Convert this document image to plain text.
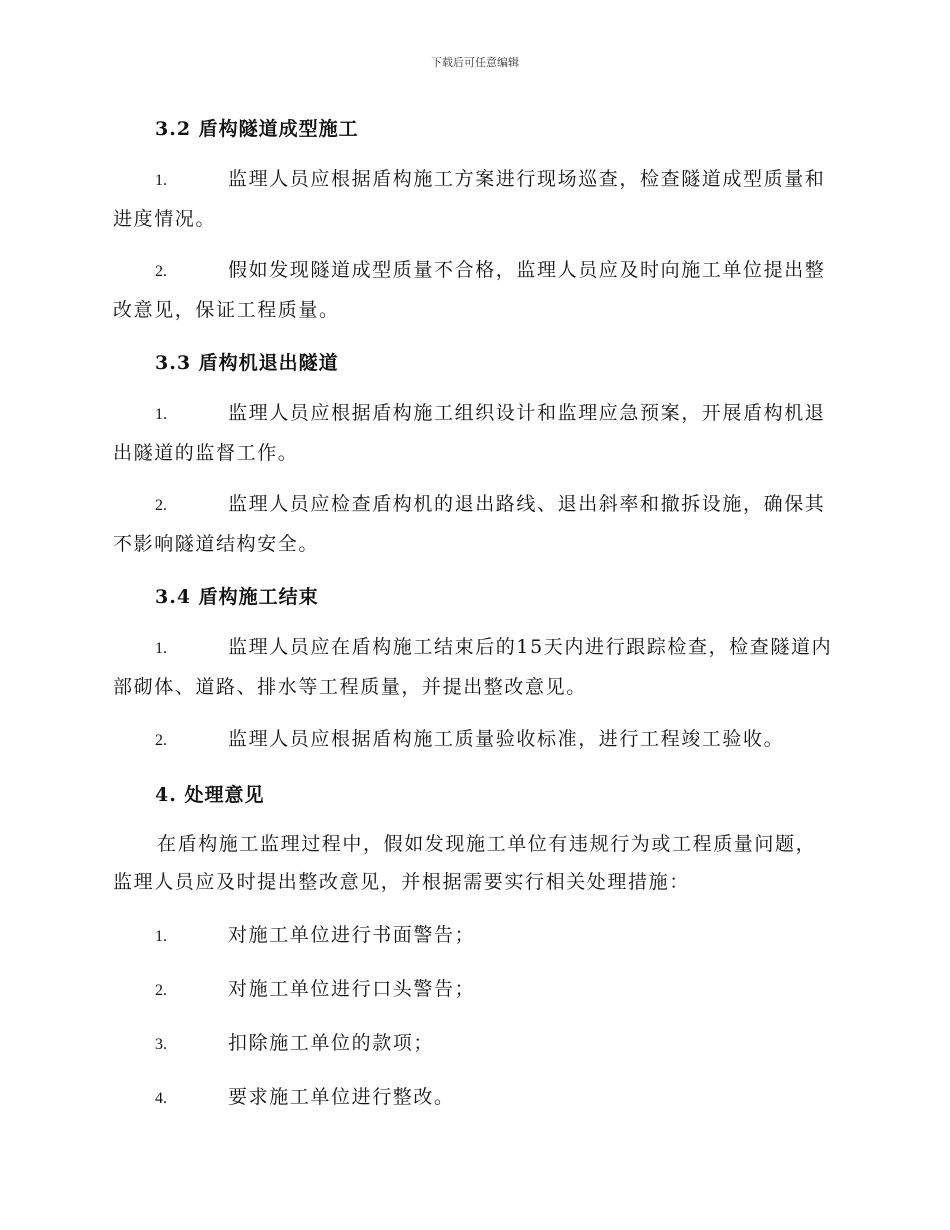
下载后可任意编辑
3.2 盾构隧道成型施工
1.	监理人员应根据盾构施工方案进行现场巡查，检查隧道成型质量和进度情况。
2.	假如发现隧道成型质量不合格，监理人员应及时向施工单位提出整改意见，保证工程质量。
3.3 盾构机退出隧道
1.	监理人员应根据盾构施工组织设计和监理应急预案，开展盾构机退出隧道的监督工作。
2.	监理人员应检查盾构机的退出路线、退出斜率和撤拆设施，确保其不影响隧道结构安全。
3.4 盾构施工结束
1.	监理人员应在盾构施工结束后的15天内进行跟踪检查，检查隧道内部砌体、道路、排水等工程质量，并提出整改意见。
2.	监理人员应根据盾构施工质量验收标准，进行工程竣工验收。
4. 处理意见
在盾构施工监理过程中，假如发现施工单位有违规行为或工程质量问题，监理人员应及时提出整改意见，并根据需要实行相关处理措施：
1.	对施工单位进行书面警告；
2.	对施工单位进行口头警告；
3.	扣除施工单位的款项；
4.	要求施工单位进行整改。
